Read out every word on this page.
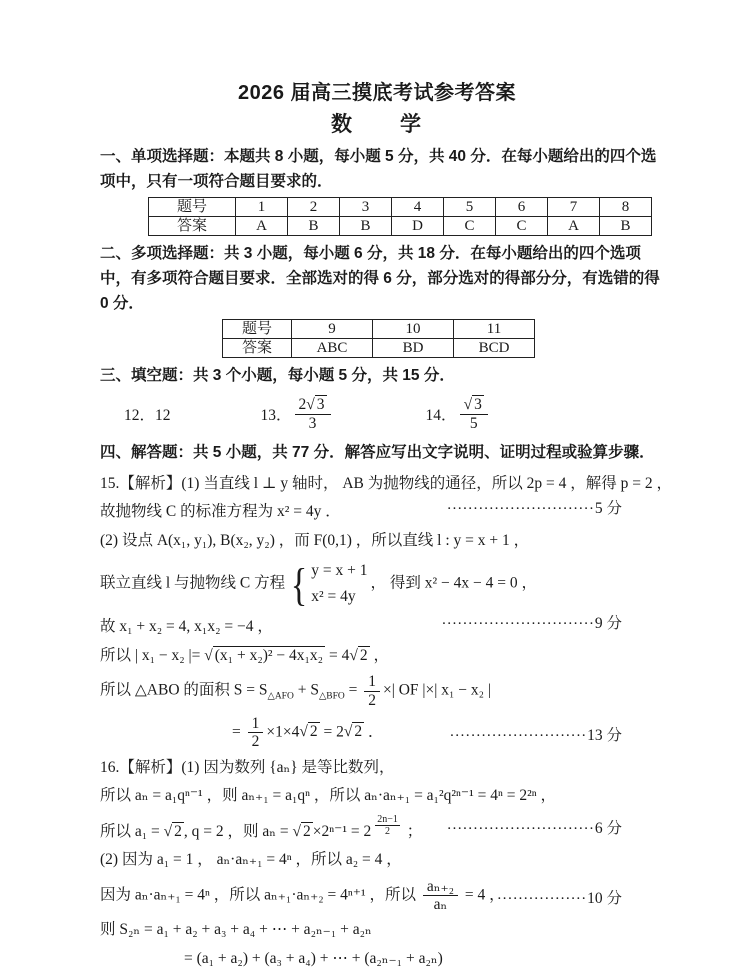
2026 届高三摸底考试参考答案
数　　学

一、单项选择题：本题共 8 小题，每小题 5 分，共 40 分．在每小题给出的四个选项中，只有一项符合题目要求的．

题号	1	2	3	4	5	6	7	8
答案	A	B	B	D	C	C	A	B

二、多项选择题：共 3 小题，每小题 6 分，共 18 分．在每小题给出的四个选项中，有多项符合题目要求．全部选对的得 6 分，部分选对的得部分分，有选错的得 0 分．

题号	9	10	11
答案	ABC	BD	BCD

三、填空题：共 3 个小题，每小题 5 分，共 15 分．

12．12	13． $\frac{2√ 3}{3}$	14． $\frac{√ 3}{5}$

四、解答题：共 5 小题，共 77 分．解答应写出文字说明、证明过程或验算步骤．

15.【解析】(1) 当直线 l ⊥ y 轴时， AB 为抛物线的通径，所以 2p = 4 ，解得 p = 2 ，
故抛物线 C 的标准方程为 x² = 4y ．	····························5 分
(2) 设点 A(x₁, y₁), B(x₂, y₂) ，而 F(0,1) ，所以直线 l : y = x + 1 ，
联立直线 l 与抛物线 C 方程 { y = x + 1
x² = 4y
， 得到 x² − 4x − 4 = 0 ，
故 x₁ + x₂ = 4, x₁x₂ = −4 ，	·····························9 分
所以 | x₁ − x₂ |= √ (x₁ + x₂)² − 4x₁x₂ = 4√ 2 ，
所以 △ABO 的面积 $S = S_{\triangle AFO} + S_{\triangle BFO} = \frac{1}{2}$ ×| OF |×| x₁ − x₂ |
= $\frac{1}{2} \times 1\times 4√$ 2 = 2√ 2 ．	··························13 分
16.【解析】(1) 因为数列 {aₙ} 是等比数列，
所以 aₙ = a₁qⁿ⁻¹ ，则 aₙ₊₁ = a₁qⁿ ，所以 aₙ·aₙ₊₁ = a₁²q²ⁿ⁻¹ = 4ⁿ = 2²ⁿ ，
所以 a₁ = √ 2 , q = 2 ，则 aₙ = √ $2 \times 2^{n-1} = 2 \frac{2n-1}{2}$ ； ····························6 分
(2) 因为 a₁ = 1 ， aₙ·aₙ₊₁ = 4ⁿ ，所以 a₂ = 4 ，
因为 aₙ·aₙ₊₁ = 4ⁿ ，所以 aₙ₊₁·aₙ₊₂ = 4ⁿ⁺¹ ，所以 $\frac{\text{aₙ₊₂}}{\text{aₙ}} = 4$ ，
·················10 分
则 S₂ₙ = a₁ + a₂ + a₃ + a₄ + ⋯ + a₂ₙ₋₁ + a₂ₙ
= (a₁ + a₂) + (a₃ + a₄) + ⋯ + (a₂ₙ₋₁ + a₂ₙ)
